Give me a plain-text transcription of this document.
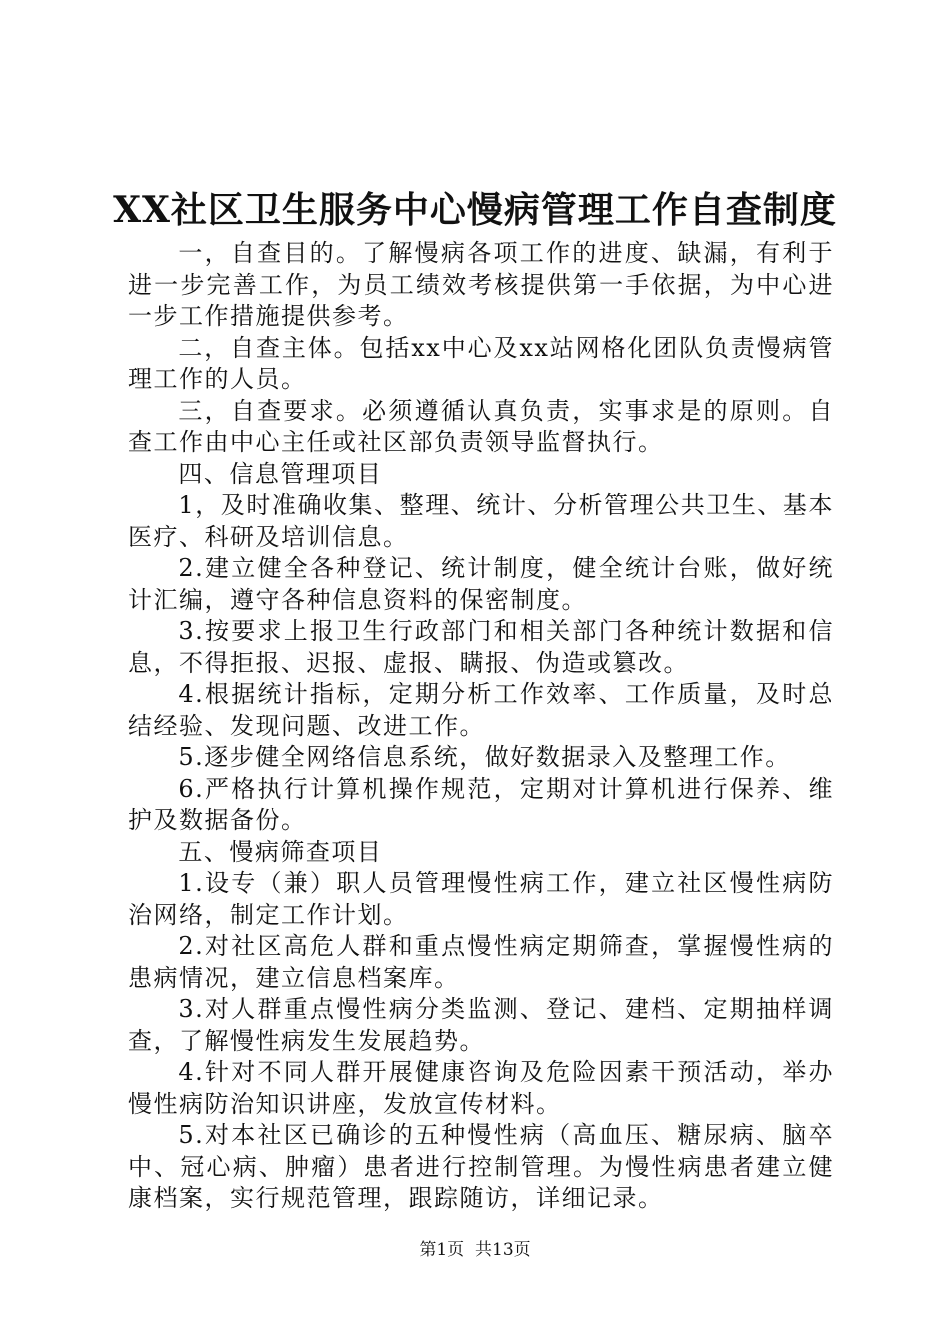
XX社区卫生服务中心慢病管理工作自查制度

一，自查目的。了解慢病各项工作的进度、缺漏，有利于进一步完善工作，为员工绩效考核提供第一手依据，为中心进一步工作措施提供参考。

二，自查主体。包括xx中心及xx站网格化团队负责慢病管理工作的人员。

三，自查要求。必须遵循认真负责，实事求是的原则。自查工作由中心主任或社区部负责领导监督执行。

四、信息管理项目

1，及时准确收集、整理、统计、分析管理公共卫生、基本医疗、科研及培训信息。

2.建立健全各种登记、统计制度，健全统计台账，做好统计汇编，遵守各种信息资料的保密制度。

3.按要求上报卫生行政部门和相关部门各种统计数据和信息，不得拒报、迟报、虚报、瞒报、伪造或篡改。

4.根据统计指标，定期分析工作效率、工作质量，及时总结经验、发现问题、改进工作。

5.逐步健全网络信息系统，做好数据录入及整理工作。

6.严格执行计算机操作规范，定期对计算机进行保养、维护及数据备份。

五、慢病筛查项目

1.设专（兼）职人员管理慢性病工作，建立社区慢性病防治网络，制定工作计划。

2.对社区高危人群和重点慢性病定期筛查，掌握慢性病的患病情况，建立信息档案库。

3.对人群重点慢性病分类监测、登记、建档、定期抽样调查，了解慢性病发生发展趋势。

4.针对不同人群开展健康咨询及危险因素干预活动，举办慢性病防治知识讲座，发放宣传材料。

5.对本社区已确诊的五种慢性病（高血压、糖尿病、脑卒中、冠心病、肿瘤）患者进行控制管理。为慢性病患者建立健康档案，实行规范管理，跟踪随访，详细记录。

第1页 共13页
